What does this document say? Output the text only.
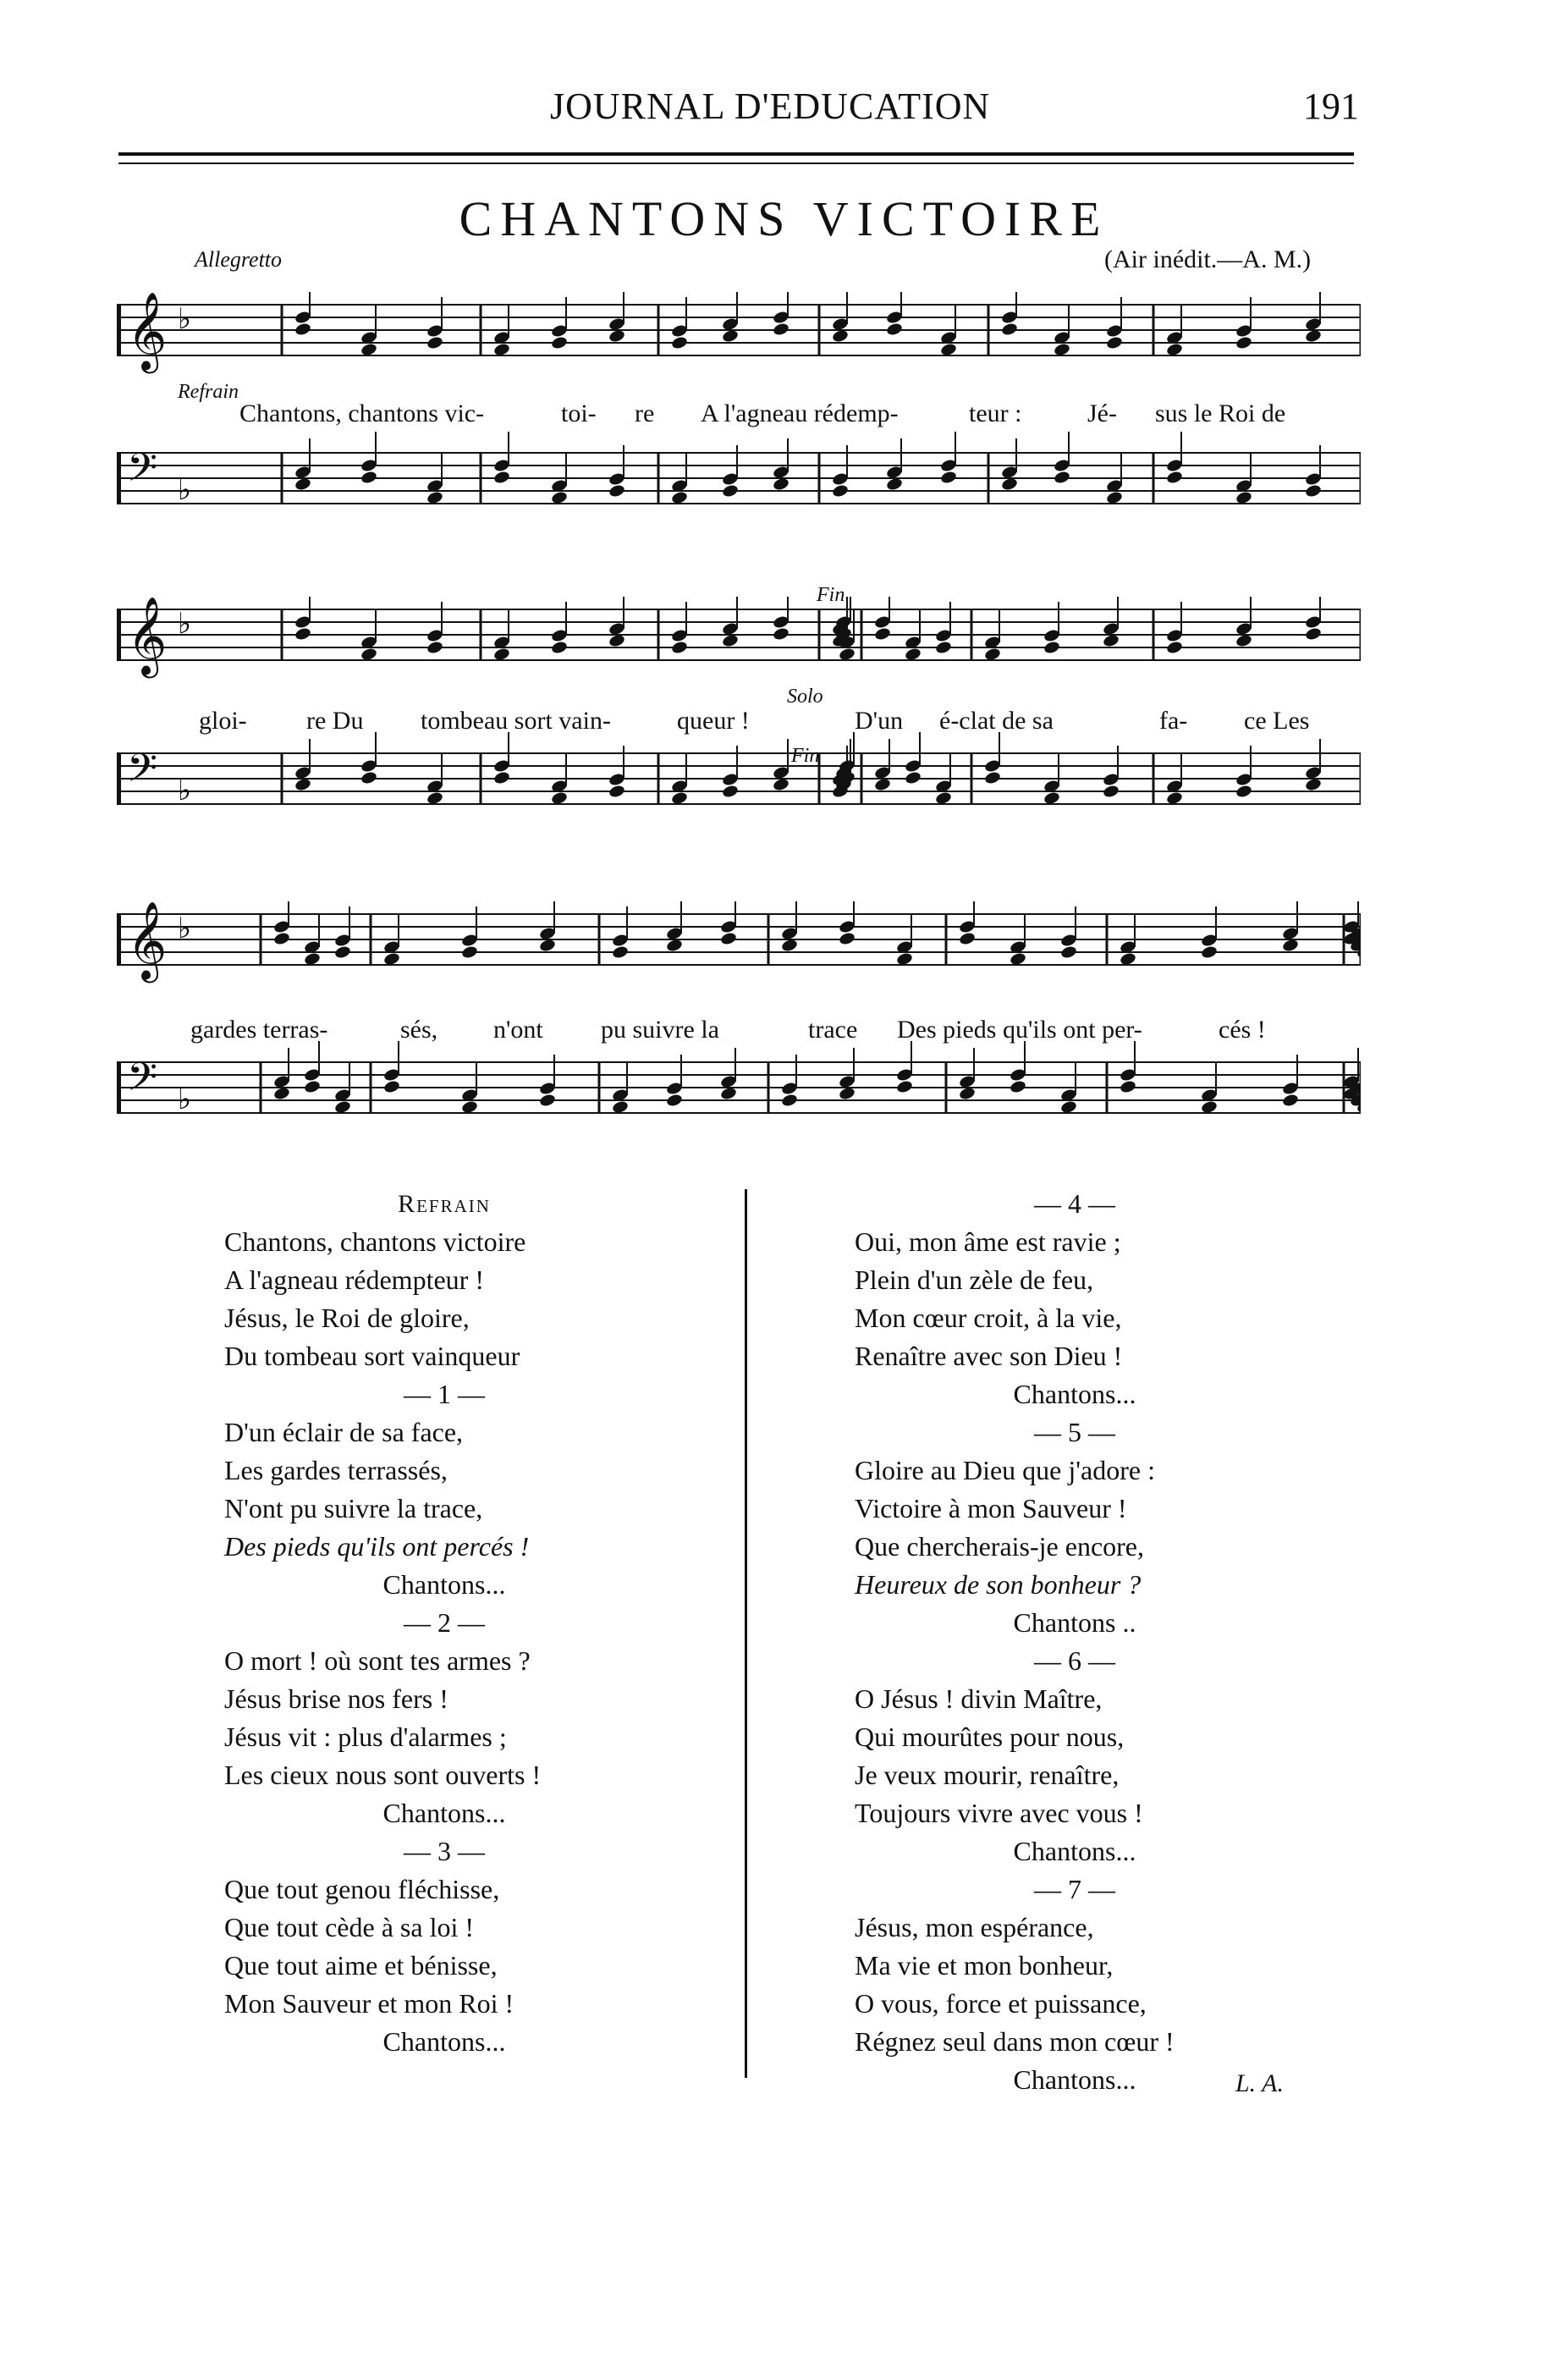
JOURNAL D'EDUCATION	191
CHANTONS VICTOIRE
Allegretto	(Air inédit.—A. M.)
𝄞 ♭
𝄢 ♭
𝄞 ♭
𝄢 ♭
𝄞 ♭
𝄢 ♭
Refrain
Fin
Solo
Fin
Chantons, chantons vic-	toi- re A l'agneau rédemp-	teur :	Jé- sus le Roi de
gloi- re Du tombeau sort vain-	queur !	D'un é-clat de sa	fa- ce Les
gardes terras-	sés, n'ont pu suivre la	trace Des pieds qu'ils ont per-	cés !
Refrain
Chantons, chantons victoire
A l'agneau rédempteur !
Jésus, le Roi de gloire,
Du tombeau sort vainqueur
— 1 —
D'un éclair de sa face,
Les gardes terrassés,
N'ont pu suivre la trace,
Des pieds qu'ils ont percés !
Chantons...
— 2 —
O mort ! où sont tes armes ?
Jésus brise nos fers !
Jésus vit : plus d'alarmes ;
Les cieux nous sont ouverts !
Chantons...
— 3 —
Que tout genou fléchisse,
Que tout cède à sa loi !
Que tout aime et bénisse,
Mon Sauveur et mon Roi !
Chantons...
— 4 —
Oui, mon âme est ravie ;
Plein d'un zèle de feu,
Mon cœur croit, à la vie,
Renaître avec son Dieu !
Chantons...
— 5 —
Gloire au Dieu que j'adore :
Victoire à mon Sauveur !
Que chercherais-je encore,
Heureux de son bonheur ?
Chantons ..
— 6 —
O Jésus ! divin Maître,
Qui mourûtes pour nous,
Je veux mourir, renaître,
Toujours vivre avec vous !
Chantons...
— 7 —
Jésus, mon espérance,
Ma vie et mon bonheur,
O vous, force et puissance,
Régnez seul dans mon cœur !
Chantons...	L. A.
